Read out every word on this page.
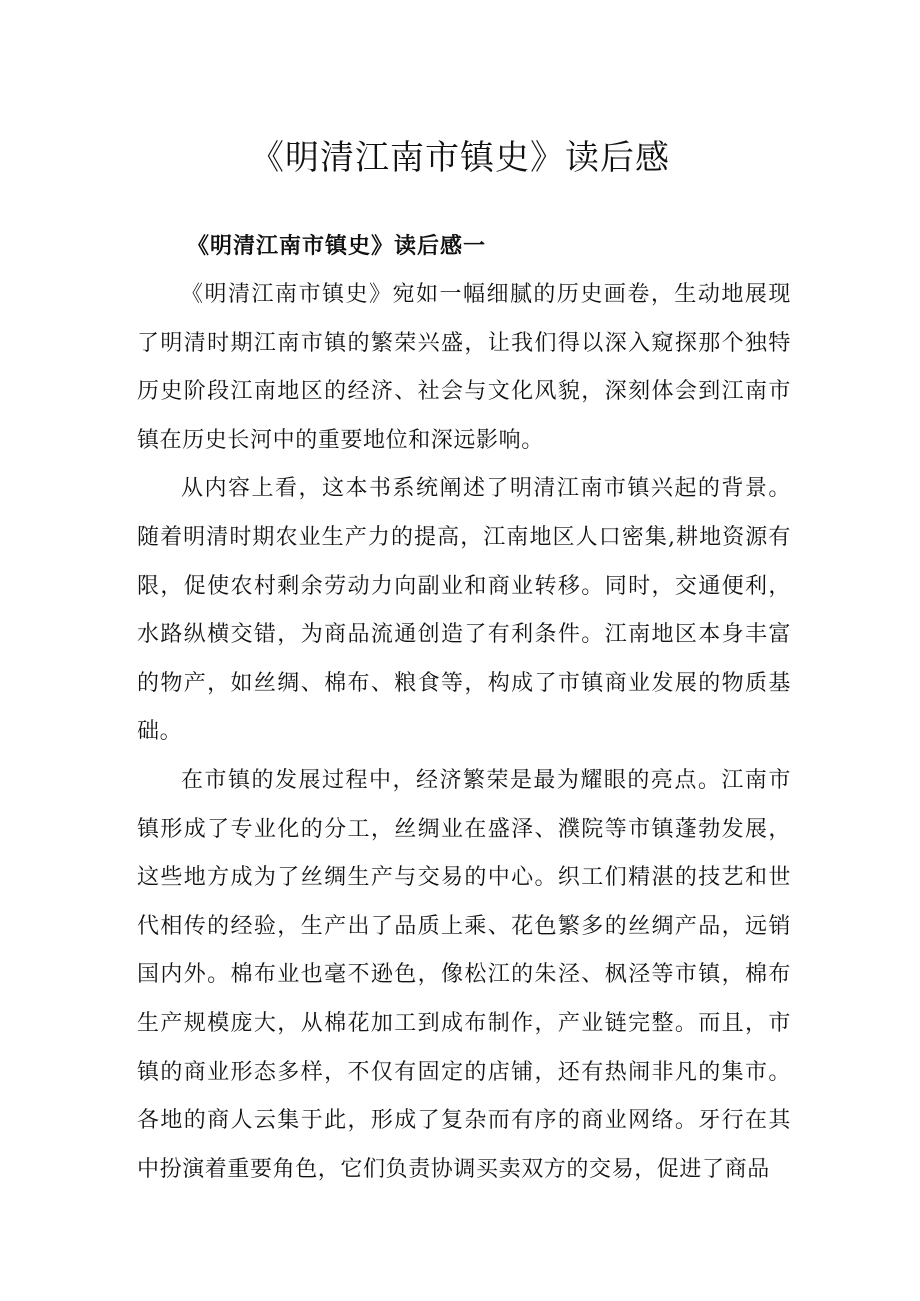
《明清江南市镇史》读后感
《明清江南市镇史》读后感一

《明清江南市镇史》宛如一幅细腻的历史画卷，生动地展现了明清时期江南市镇的繁荣兴盛，让我们得以深入窥探那个独特历史阶段江南地区的经济、社会与文化风貌，深刻体会到江南市镇在历史长河中的重要地位和深远影响。

从内容上看，这本书系统阐述了明清江南市镇兴起的背景。随着明清时期农业生产力的提高，江南地区人口密集,耕地资源有限，促使农村剩余劳动力向副业和商业转移。同时，交通便利，水路纵横交错，为商品流通创造了有利条件。江南地区本身丰富的物产，如丝绸、棉布、粮食等，构成了市镇商业发展的物质基础。

在市镇的发展过程中，经济繁荣是最为耀眼的亮点。江南市镇形成了专业化的分工，丝绸业在盛泽、濮院等市镇蓬勃发展，这些地方成为了丝绸生产与交易的中心。织工们精湛的技艺和世代相传的经验，生产出了品质上乘、花色繁多的丝绸产品，远销国内外。棉布业也毫不逊色，像松江的朱泾、枫泾等市镇，棉布生产规模庞大，从棉花加工到成布制作，产业链完整。而且，市镇的商业形态多样，不仅有固定的店铺，还有热闹非凡的集市。各地的商人云集于此，形成了复杂而有序的商业网络。牙行在其中扮演着重要角色，它们负责协调买卖双方的交易，促进了商品
